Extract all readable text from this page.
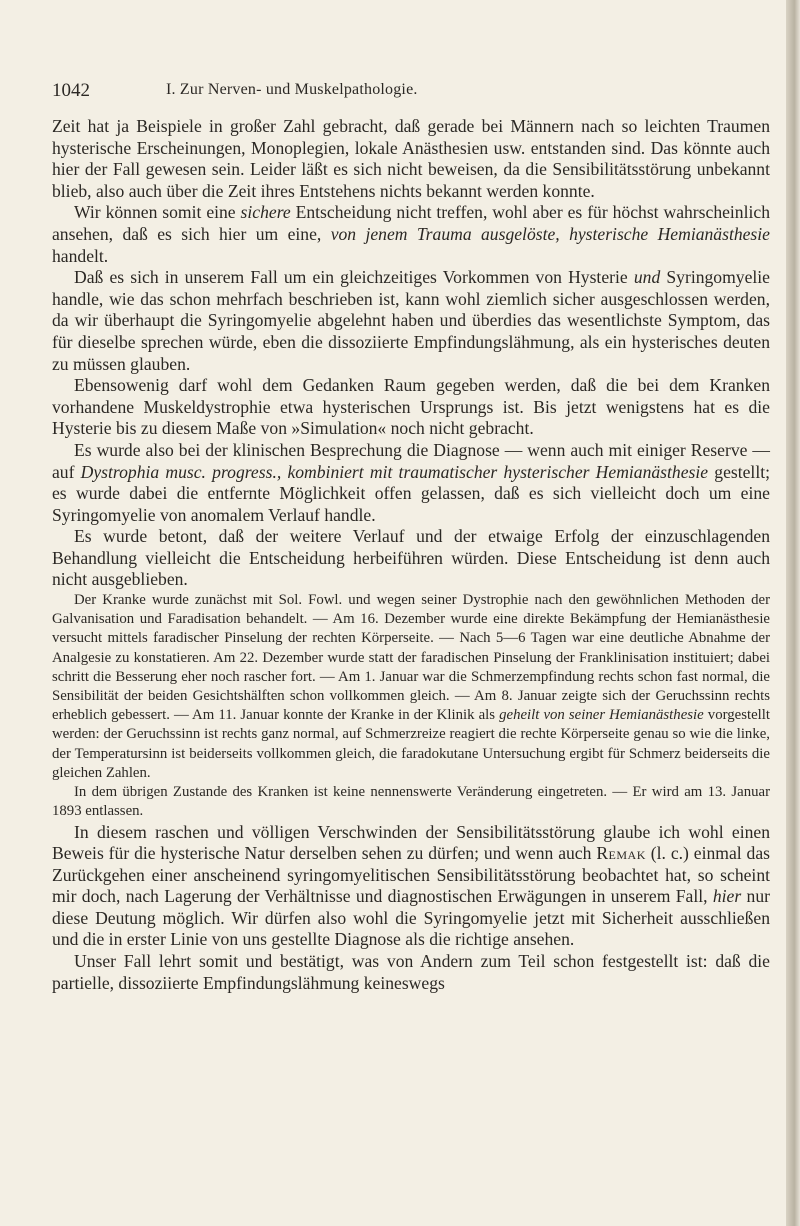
1042	I. Zur Nerven- und Muskelpathologie.

Zeit hat ja Beispiele in großer Zahl gebracht, daß gerade bei Männern nach so leichten Traumen hysterische Erscheinungen, Monoplegien, lokale Anästhesien usw. entstanden sind. Das könnte auch hier der Fall gewesen sein. Leider läßt es sich nicht beweisen, da die Sensibilitätsstörung unbekannt blieb, also auch über die Zeit ihres Entstehens nichts bekannt werden konnte.

Wir können somit eine sichere Entscheidung nicht treffen, wohl aber es für höchst wahrscheinlich ansehen, daß es sich hier um eine, von jenem Trauma ausgelöste, hysterische Hemianästhesie handelt.

Daß es sich in unserem Fall um ein gleichzeitiges Vorkommen von Hysterie und Syringomyelie handle, wie das schon mehrfach beschrieben ist, kann wohl ziemlich sicher ausgeschlossen werden, da wir überhaupt die Syringomyelie abgelehnt haben und überdies das wesentlichste Symptom, das für dieselbe sprechen würde, eben die dissoziierte Empfindungslähmung, als ein hysterisches deuten zu müssen glauben.

Ebensowenig darf wohl dem Gedanken Raum gegeben werden, daß die bei dem Kranken vorhandene Muskeldystrophie etwa hysterischen Ursprungs ist. Bis jetzt wenigstens hat es die Hysterie bis zu diesem Maße von »Simulation« noch nicht gebracht.

Es wurde also bei der klinischen Besprechung die Diagnose — wenn auch mit einiger Reserve — auf Dystrophia musc. progress., kombiniert mit traumatischer hysterischer Hemianästhesie gestellt; es wurde dabei die entfernte Möglichkeit offen gelassen, daß es sich vielleicht doch um eine Syringomyelie von anomalem Verlauf handle.

Es wurde betont, daß der weitere Verlauf und der etwaige Erfolg der einzuschlagenden Behandlung vielleicht die Entscheidung herbeiführen würden. Diese Entscheidung ist denn auch nicht ausgeblieben.

Der Kranke wurde zunächst mit Sol. Fowl. und wegen seiner Dystrophie nach den gewöhnlichen Methoden der Galvanisation und Faradisation behandelt. — Am 16. Dezember wurde eine direkte Bekämpfung der Hemianästhesie versucht mittels faradischer Pinselung der rechten Körperseite. — Nach 5—6 Tagen war eine deutliche Abnahme der Analgesie zu konstatieren. Am 22. Dezember wurde statt der faradischen Pinselung der Franklinisation instituiert; dabei schritt die Besserung eher noch rascher fort. — Am 1. Januar war die Schmerzempfindung rechts schon fast normal, die Sensibilität der beiden Gesichtshälften schon vollkommen gleich. — Am 8. Januar zeigte sich der Geruchssinn rechts erheblich gebessert. — Am 11. Januar konnte der Kranke in der Klinik als geheilt von seiner Hemianästhesie vorgestellt werden: der Geruchssinn ist rechts ganz normal, auf Schmerzreize reagiert die rechte Körperseite genau so wie die linke, der Temperatursinn ist beiderseits vollkommen gleich, die faradokutane Untersuchung ergibt für Schmerz beiderseits die gleichen Zahlen.

In dem übrigen Zustande des Kranken ist keine nennenswerte Veränderung eingetreten. — Er wird am 13. Januar 1893 entlassen.

In diesem raschen und völligen Verschwinden der Sensibilitätsstörung glaube ich wohl einen Beweis für die hysterische Natur derselben sehen zu dürfen; und wenn auch Remak (l. c.) einmal das Zurückgehen einer anscheinend syringomyelitischen Sensibilitätsstörung beobachtet hat, so scheint mir doch, nach Lagerung der Verhältnisse und diagnostischen Erwägungen in unserem Fall, hier nur diese Deutung möglich. Wir dürfen also wohl die Syringomyelie jetzt mit Sicherheit ausschließen und die in erster Linie von uns gestellte Diagnose als die richtige ansehen.

Unser Fall lehrt somit und bestätigt, was von Andern zum Teil schon festgestellt ist: daß die partielle, dissoziierte Empfindungslähmung keineswegs
